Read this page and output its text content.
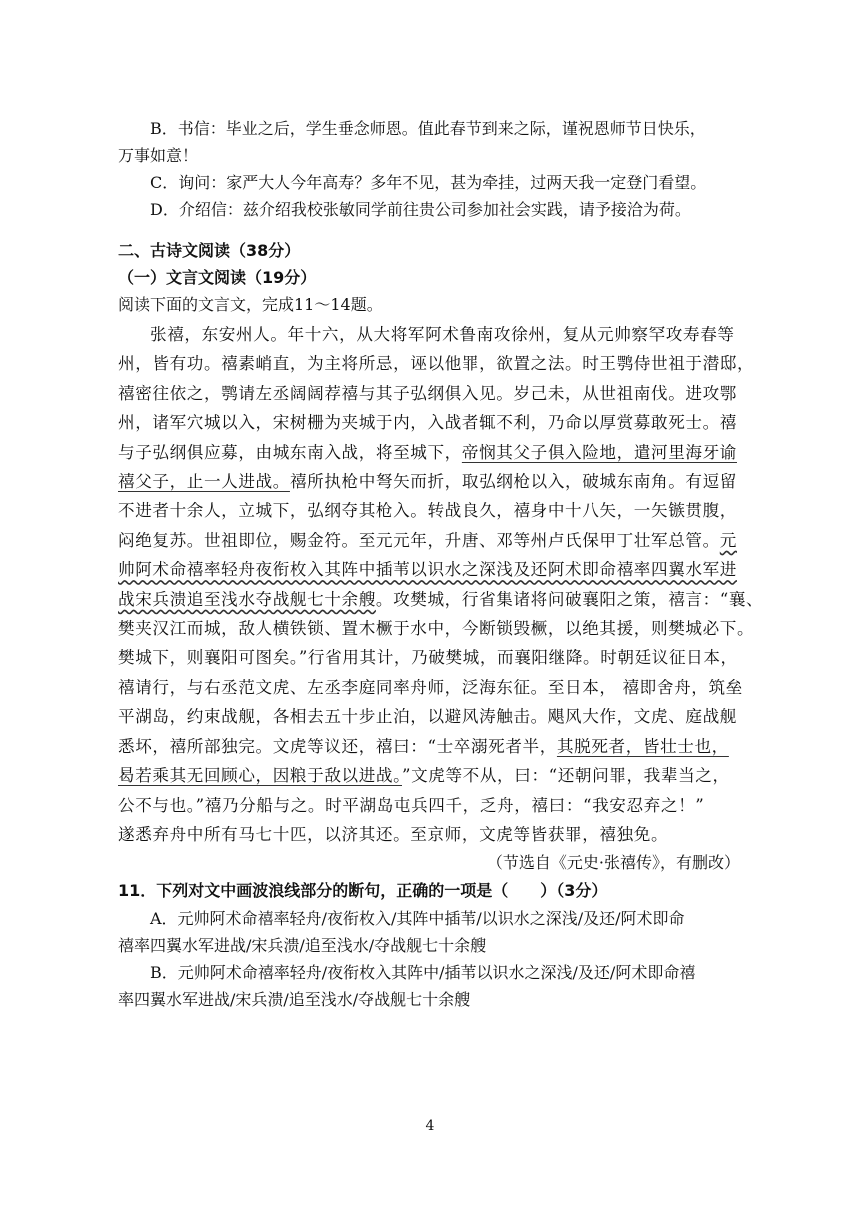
B．书信：毕业之后，学生垂念师恩。值此春节到来之际，谨祝恩师节日快乐，
万事如意！
C．询问：家严大人今年高寿？多年不见，甚为牵挂，过两天我一定登门看望。
D．介绍信：兹介绍我校张敏同学前往贵公司参加社会实践，请予接洽为荷。
二、古诗文阅读（38分）
（一）文言文阅读（19分）
阅读下面的文言文，完成11～14题。
张禧，东安州人。年十六，从大将军阿术鲁南攻徐州，复从元帅察罕攻寿春等
州，皆有功。禧素峭直，为主将所忌，诬以他罪，欲置之法。时王鹗侍世祖于潜邸，
禧密往依之，鹗请左丞阔阔荐禧与其子弘纲俱入见。岁己未，从世祖南伐。进攻鄂
州，诸军穴城以入，宋树栅为夹城于内，入战者辄不利，乃命以厚赏募敢死士。禧
与子弘纲俱应募，由城东南入战，将至城下，帝悯其父子俱入险地，遣河里海牙谕
禧父子，止一人进战。禧所执枪中弩矢而折，取弘纲枪以入，破城东南角。有逗留
不进者十余人，立城下，弘纲夺其枪入。转战良久，禧身中十八矢，一矢镞贯腹，
闷绝复苏。世祖即位，赐金符。至元元年，升唐、邓等州卢氏保甲丁壮军总管。元
帅阿术命禧率轻舟夜衔枚入其阵中插苇以识水之深浅及还阿术即命禧率四翼水军进
战宋兵溃追至浅水夺战舰七十余艘。攻樊城，行省集诸将问破襄阳之策，禧言：“襄、
樊夹汉江而城，敌人横铁锁、置木橛于水中，今断锁毁橛，以绝其援，则樊城必下。
樊城下，则襄阳可图矣。”行省用其计，乃破樊城，而襄阳继降。时朝廷议征日本，
禧请行，与右丞范文虎、左丞李庭同率舟师，泛海东征。至日本， 禧即舍舟，筑垒
平湖岛，约束战舰，各相去五十步止泊，以避风涛触击。飓风大作，文虎、庭战舰
悉坏，禧所部独完。文虎等议还，禧曰：“士卒溺死者半，其脱死者，皆壮士也，
曷若乘其无回顾心，因粮于敌以进战。”文虎等不从，曰：“还朝问罪，我辈当之，
公不与也。”禧乃分船与之。时平湖岛屯兵四千，乏舟，禧曰：“我安忍弃之！”
遂悉弃舟中所有马七十匹，以济其还。至京师，文虎等皆获罪，禧独免。
（节选自《元史·张禧传》，有删改）
11．下列对文中画波浪线部分的断句，正确的一项是（　　）（3分）
A．元帅阿术命禧率轻舟/夜衔枚入/其阵中插苇/以识水之深浅/及还/阿术即命
禧率四翼水军进战/宋兵溃/追至浅水/夺战舰七十余艘
B．元帅阿术命禧率轻舟/夜衔枚入其阵中/插苇以识水之深浅/及还/阿术即命禧
率四翼水军进战/宋兵溃/追至浅水/夺战舰七十余艘
4
